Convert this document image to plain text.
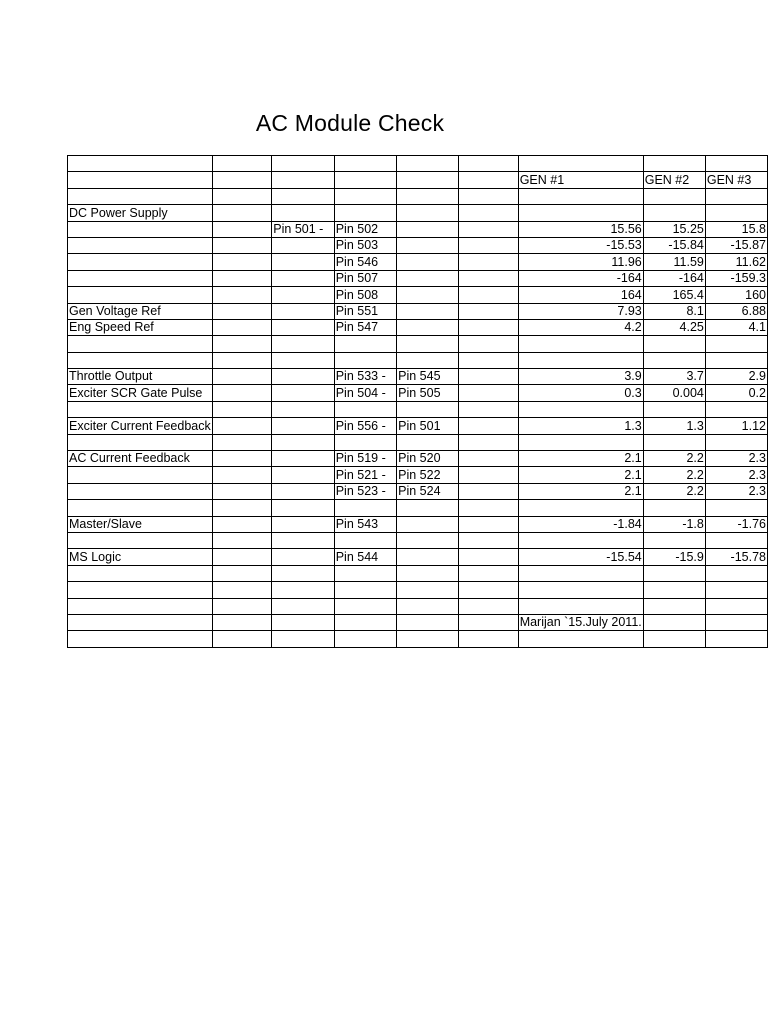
AC Module Check

						GEN #1	GEN #2	GEN #3

DC Power Supply								
		Pin 501 -	Pin 502			15.56	15.25	15.8
			Pin 503			-15.53	-15.84	-15.87
			Pin 546			11.96	11.59	11.62
			Pin 507			-164	-164	-159.3
			Pin 508			164	165.4	160
Gen Voltage Ref			Pin 551			7.93	8.1	6.88
Eng Speed Ref			Pin 547			4.2	4.25	4.1

Throttle Output			Pin 533 -	Pin 545		3.9	3.7	2.9
Exciter SCR Gate Pulse			Pin 504 -	Pin 505		0.3	0.004	0.2

Exciter Current Feedback			Pin 556 -	Pin 501		1.3	1.3	1.12

AC Current Feedback			Pin 519 -	Pin 520		2.1	2.2	2.3
			Pin 521 -	Pin 522		2.1	2.2	2.3
			Pin 523 -	Pin 524		2.1	2.2	2.3

Master/Slave			Pin 543			-1.84	-1.8	-1.76

MS Logic			Pin 544			-15.54	-15.9	-15.78

						Marijan `15.July 2011.		
